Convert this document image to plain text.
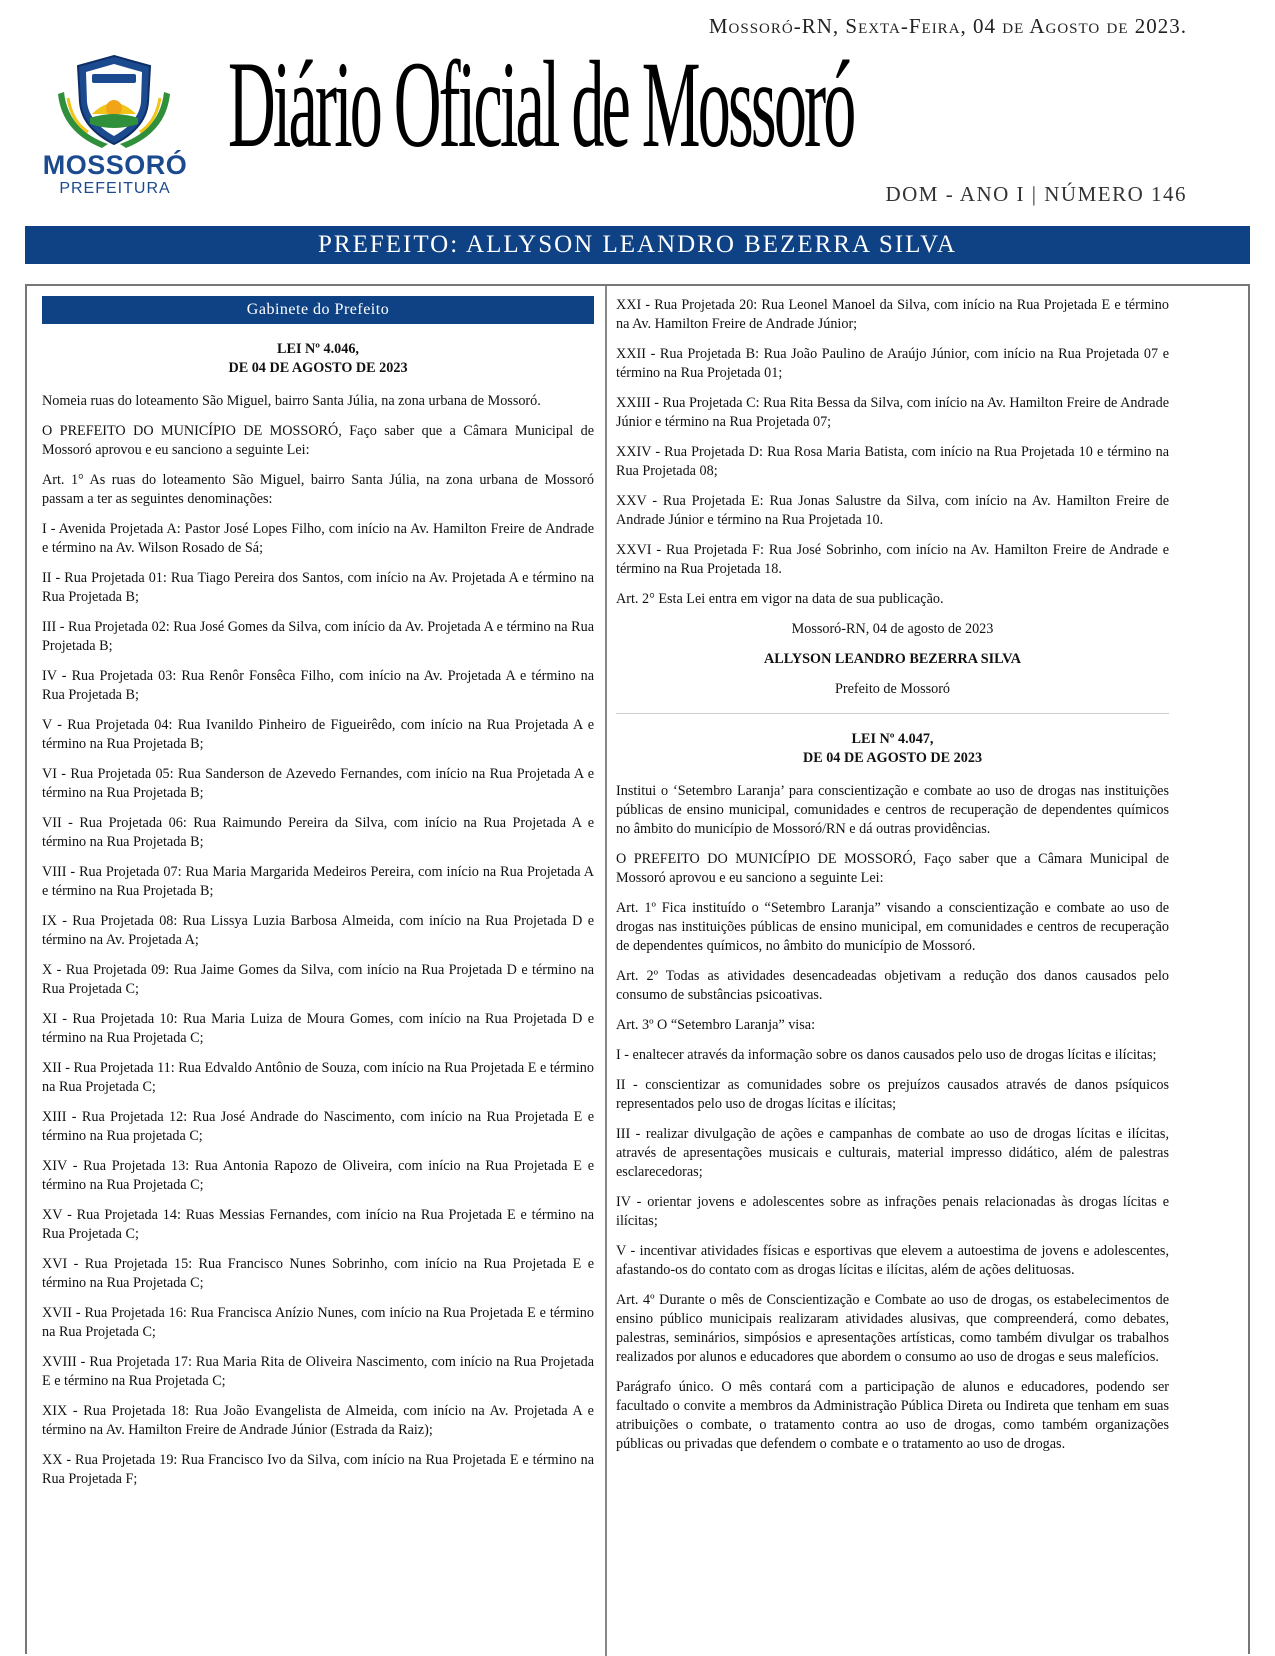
Mossoró-RN, Sexta-Feira, 04 de Agosto de 2023.
MOSSORÓ
PREFEITURA
Diário Oficial de Mossoró
DOM - ANO I | NÚMERO 146
PREFEITO: ALLYSON LEANDRO BEZERRA SILVA
Gabinete do Prefeito
LEI Nº 4.046,
DE 04 DE AGOSTO DE 2023

Nomeia ruas do loteamento São Miguel, bairro Santa Júlia, na zona urbana de Mossoró.

O PREFEITO DO MUNICÍPIO DE MOSSORÓ, Faço saber que a Câmara Municipal de Mossoró aprovou e eu sanciono a seguinte Lei:

Art. 1° As ruas do loteamento São Miguel, bairro Santa Júlia, na zona urbana de Mossoró passam a ter as seguintes denominações:

I - Avenida Projetada A: Pastor José Lopes Filho, com início na Av. Hamilton Freire de Andrade e término na Av. Wilson Rosado de Sá;

II - Rua Projetada 01: Rua Tiago Pereira dos Santos, com início na Av. Projetada A e término na Rua Projetada B;

III - Rua Projetada 02: Rua José Gomes da Silva, com início da Av. Projetada A e término na Rua Projetada B;

IV - Rua Projetada 03: Rua Renôr Fonsêca Filho, com início na Av. Projetada A e término na Rua Projetada B;

V - Rua Projetada 04: Rua Ivanildo Pinheiro de Figueirêdo, com início na Rua Projetada A e término na Rua Projetada B;

VI - Rua Projetada 05: Rua Sanderson de Azevedo Fernandes, com início na Rua Projetada A e término na Rua Projetada B;

VII - Rua Projetada 06: Rua Raimundo Pereira da Silva, com início na Rua Projetada A e término na Rua Projetada B;

VIII - Rua Projetada 07: Rua Maria Margarida Medeiros Pereira, com início na Rua Projetada A e término na Rua Projetada B;

IX - Rua Projetada 08: Rua Lissya Luzia Barbosa Almeida, com início na Rua Projetada D e término na Av. Projetada A;

X - Rua Projetada 09: Rua Jaime Gomes da Silva, com início na Rua Projetada D e término na Rua Projetada C;

XI - Rua Projetada 10: Rua Maria Luiza de Moura Gomes, com início na Rua Projetada D e término na Rua Projetada C;

XII - Rua Projetada 11: Rua Edvaldo Antônio de Souza, com início na Rua Projetada E e término na Rua Projetada C;

XIII - Rua Projetada 12: Rua José Andrade do Nascimento, com início na Rua Projetada E e término na Rua projetada C;

XIV - Rua Projetada 13: Rua Antonia Rapozo de Oliveira, com início na Rua Projetada E e término na Rua Projetada C;

XV - Rua Projetada 14: Ruas Messias Fernandes, com início na Rua Projetada E e término na Rua Projetada C;

XVI - Rua Projetada 15: Rua Francisco Nunes Sobrinho, com início na Rua Projetada E e término na Rua Projetada C;

XVII - Rua Projetada 16: Rua Francisca Anízio Nunes, com início na Rua Projetada E e término na Rua Projetada C;

XVIII - Rua Projetada 17: Rua Maria Rita de Oliveira Nascimento, com início na Rua Projetada E e término na Rua Projetada C;

XIX - Rua Projetada 18: Rua João Evangelista de Almeida, com início na Av. Projetada A e término na Av. Hamilton Freire de Andrade Júnior (Estrada da Raiz);

XX - Rua Projetada 19: Rua Francisco Ivo da Silva, com início na Rua Projetada E e término na Rua Projetada F;

XXI - Rua Projetada 20: Rua Leonel Manoel da Silva, com início na Rua Projetada E e término na Av. Hamilton Freire de Andrade Júnior;

XXII - Rua Projetada B: Rua João Paulino de Araújo Júnior, com início na Rua Projetada 07 e término na Rua Projetada 01;

XXIII - Rua Projetada C: Rua Rita Bessa da Silva, com início na Av. Hamilton Freire de Andrade Júnior e término na Rua Projetada 07;

XXIV - Rua Projetada D: Rua Rosa Maria Batista, com início na Rua Projetada 10 e término na Rua Projetada 08;

XXV - Rua Projetada E: Rua Jonas Salustre da Silva, com início na Av. Hamilton Freire de Andrade Júnior e término na Rua Projetada 10.

XXVI - Rua Projetada F: Rua José Sobrinho, com início na Av. Hamilton Freire de Andrade e término na Rua Projetada 18.

Art. 2° Esta Lei entra em vigor na data de sua publicação.

Mossoró-RN, 04 de agosto de 2023

ALLYSON LEANDRO BEZERRA SILVA

Prefeito de Mossoró

LEI Nº 4.047,
DE 04 DE AGOSTO DE 2023

Institui o ‘Setembro Laranja’ para conscientização e combate ao uso de drogas nas instituições públicas de ensino municipal, comunidades e centros de recuperação de dependentes químicos no âmbito do município de Mossoró/RN e dá outras providências.

O PREFEITO DO MUNICÍPIO DE MOSSORÓ, Faço saber que a Câmara Municipal de Mossoró aprovou e eu sanciono a seguinte Lei:

Art. 1º Fica instituído o “Setembro Laranja” visando a conscientização e combate ao uso de drogas nas instituições públicas de ensino municipal, em comunidades e centros de recuperação de dependentes químicos, no âmbito do município de Mossoró.

Art. 2º Todas as atividades desencadeadas objetivam a redução dos danos causados pelo consumo de substâncias psicoativas.

Art. 3º O “Setembro Laranja” visa:

I - enaltecer através da informação sobre os danos causados pelo uso de drogas lícitas e ilícitas;

II - conscientizar as comunidades sobre os prejuízos causados através de danos psíquicos representados pelo uso de drogas lícitas e ilícitas;

III - realizar divulgação de ações e campanhas de combate ao uso de drogas lícitas e ilícitas, através de apresentações musicais e culturais, material impresso didático, além de palestras esclarecedoras;

IV - orientar jovens e adolescentes sobre as infrações penais relacionadas às drogas lícitas e ilícitas;

V - incentivar atividades físicas e esportivas que elevem a autoestima de jovens e adolescentes, afastando-os do contato com as drogas lícitas e ilícitas, além de ações delituosas.

Art. 4º Durante o mês de Conscientização e Combate ao uso de drogas, os estabelecimentos de ensino público municipais realizaram atividades alusivas, que compreenderá, como debates, palestras, seminários, simpósios e apresentações artísticas, como também divulgar os trabalhos realizados por alunos e educadores que abordem o consumo ao uso de drogas e seus malefícios.

Parágrafo único. O mês contará com a participação de alunos e educadores, podendo ser facultado o convite a membros da Administração Pública Direta ou Indireta que tenham em suas atribuições o combate, o tratamento contra ao uso de drogas, como também organizações públicas ou privadas que defendem o combate e o tratamento ao uso de drogas.
